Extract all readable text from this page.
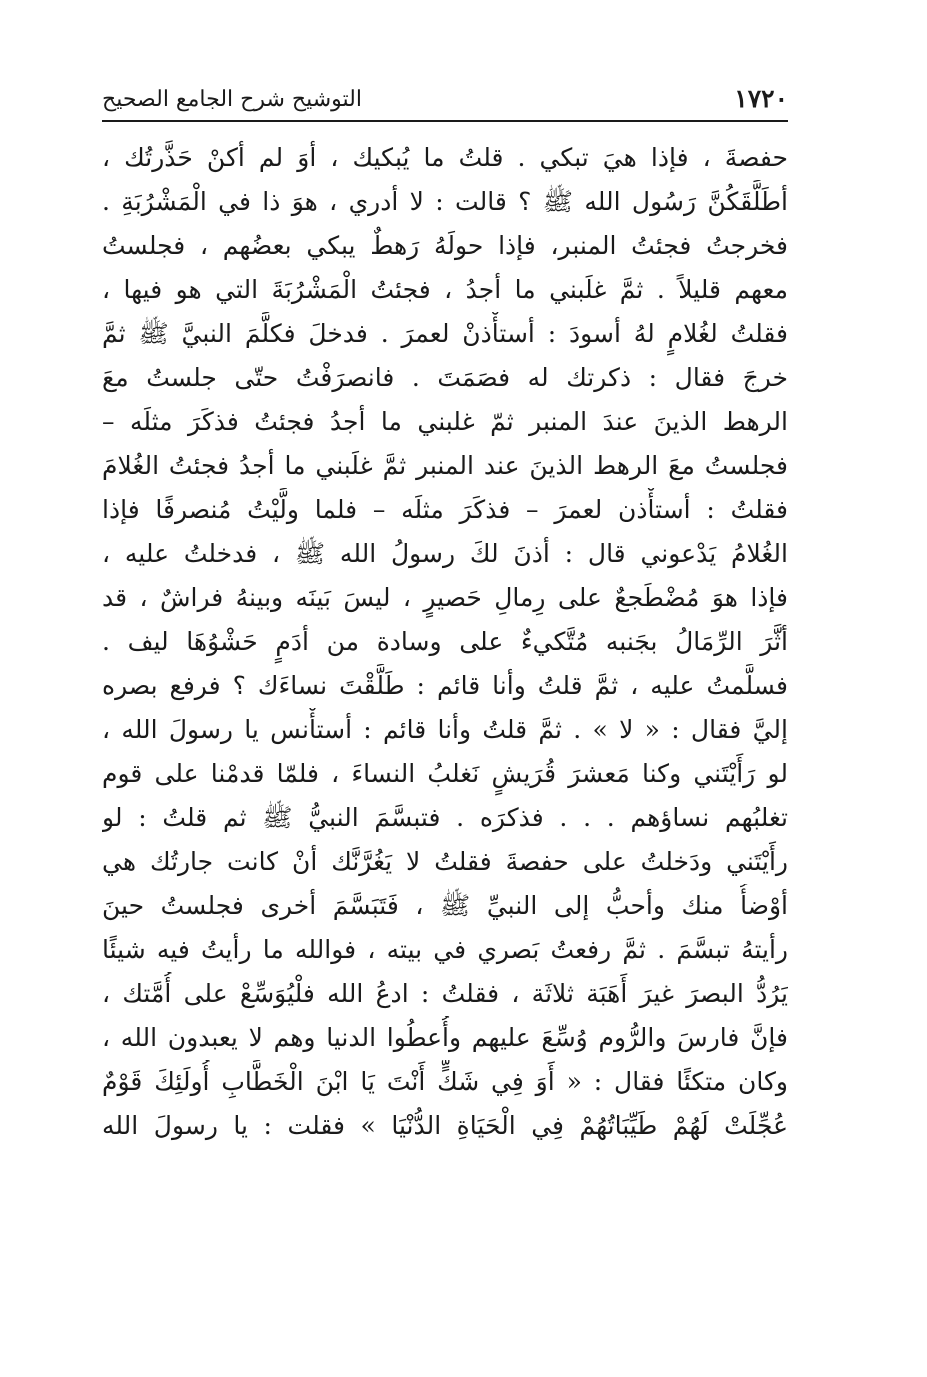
١٧٢٠
التوشيح شرح الجامع الصحيح
حفصةَ ، فإذا هيَ تبكي . قلتُ ما يُبكيك ، أوَ لم أكنْ حَذَّرتُك ،
أطَلَّقَكُنَّ رَسُول الله ﷺ ؟ قالت : لا أدري ، هوَ ذا في الْمَشْرُبَةِ .
فخرجتُ فجئتُ المنبر، فإذا حولَهُ رَهطٌ يبكي بعضُهم ، فجلستُ
معهم قليلاً . ثمَّ غلَبني ما أجدُ ، فجئتُ الْمَشْرُبَةَ التي هو فيها ،
فقلتُ لغُلامٍ لهُ أسودَ : أستأْذنْ لعمرَ . فدخلَ فكلَّمَ النبيَّ ﷺ ثمَّ
خرجَ فقال : ذكرتك له فصَمَتَ . فانصرَفْتُ حتّى جلستُ معَ
الرهط الذينَ عندَ المنبر ثمّ غلبني ما أجدُ فجئتُ فذكَرَ مثلَه –
فجلستُ معَ الرهط الذينَ عند المنبر ثمَّ غلَبني ما أجدُ فجئتُ الغُلامَ
فقلتُ : أستأْذن لعمرَ – فذكَرَ مثلَه – فلما ولَّيْتُ مُنصرفًا فإذا
الغُلامُ يَدْعوني قال : أذنَ لكَ رسولُ الله ﷺ ، فدخلتُ عليه ،
فإذا هوَ مُضْطَجعٌ على رِمالِ حَصيرٍ ، ليسَ بَينَه وبينهُ فراشٌ ، قد
أثَّرَ الرِّمَالُ بجَنبه مُتَّكيءٌ على وسادة من أدَمٍ حَشْوُهَا ليف .
فسلَّمتُ عليه ، ثمَّ قلتُ وأنا قائم : طَلَّقْتَ نساءَك ؟ فرفع بصره
إليَّ فقال : « لا » . ثمَّ قلتُ وأنا قائم : أستأْنس يا رسولَ الله ،
لو رَأَيْتَني وكنا مَعشرَ قُرَيشٍ نَغلبُ النساءَ ، فلمّا قدمْنا على قوم
تغلبُهم نساؤهم . . . فذكرَه . فتبسَّمَ النبيُّ ﷺ ثم قلتُ : لو
رأَيْتَني ودَخلتُ على حفصةَ فقلتُ لا يَغُرَّنَّك أنْ كانت جارتُك هي
أوْضأُ منك وأحبُّ إلى النبيِّ ﷺ ، فَتَبَسَّمَ أخرى فجلستُ حينَ
رأيتهُ تبسَّمَ . ثمَّ رفعتُ بَصري في بيته ، فوالله ما رأيتُ فيه شيئًا
يَرُدُّ البصرَ غيرَ أَهَبَة ثلاثَة ، فقلتُ : ادعُ الله فلْيُوَسِّعْ على أُمَّتك ،
فإنَّ فارسَ والرُّوم وُسِّعَ عليهم وأُعطُوا الدنيا وهم لا يعبدون الله ،
وكان متكئًا فقال : « أَوَ فِي شَكٍّ أَنْتَ يَا ابْنَ الْخَطَّابِ أُولَئِكَ قَوْمٌ
عُجِّلَتْ لَهُمْ طَيِّبَاتُهُمْ فِي الْحَيَاةِ الدُّنْيَا » فقلت : يا رسولَ الله
